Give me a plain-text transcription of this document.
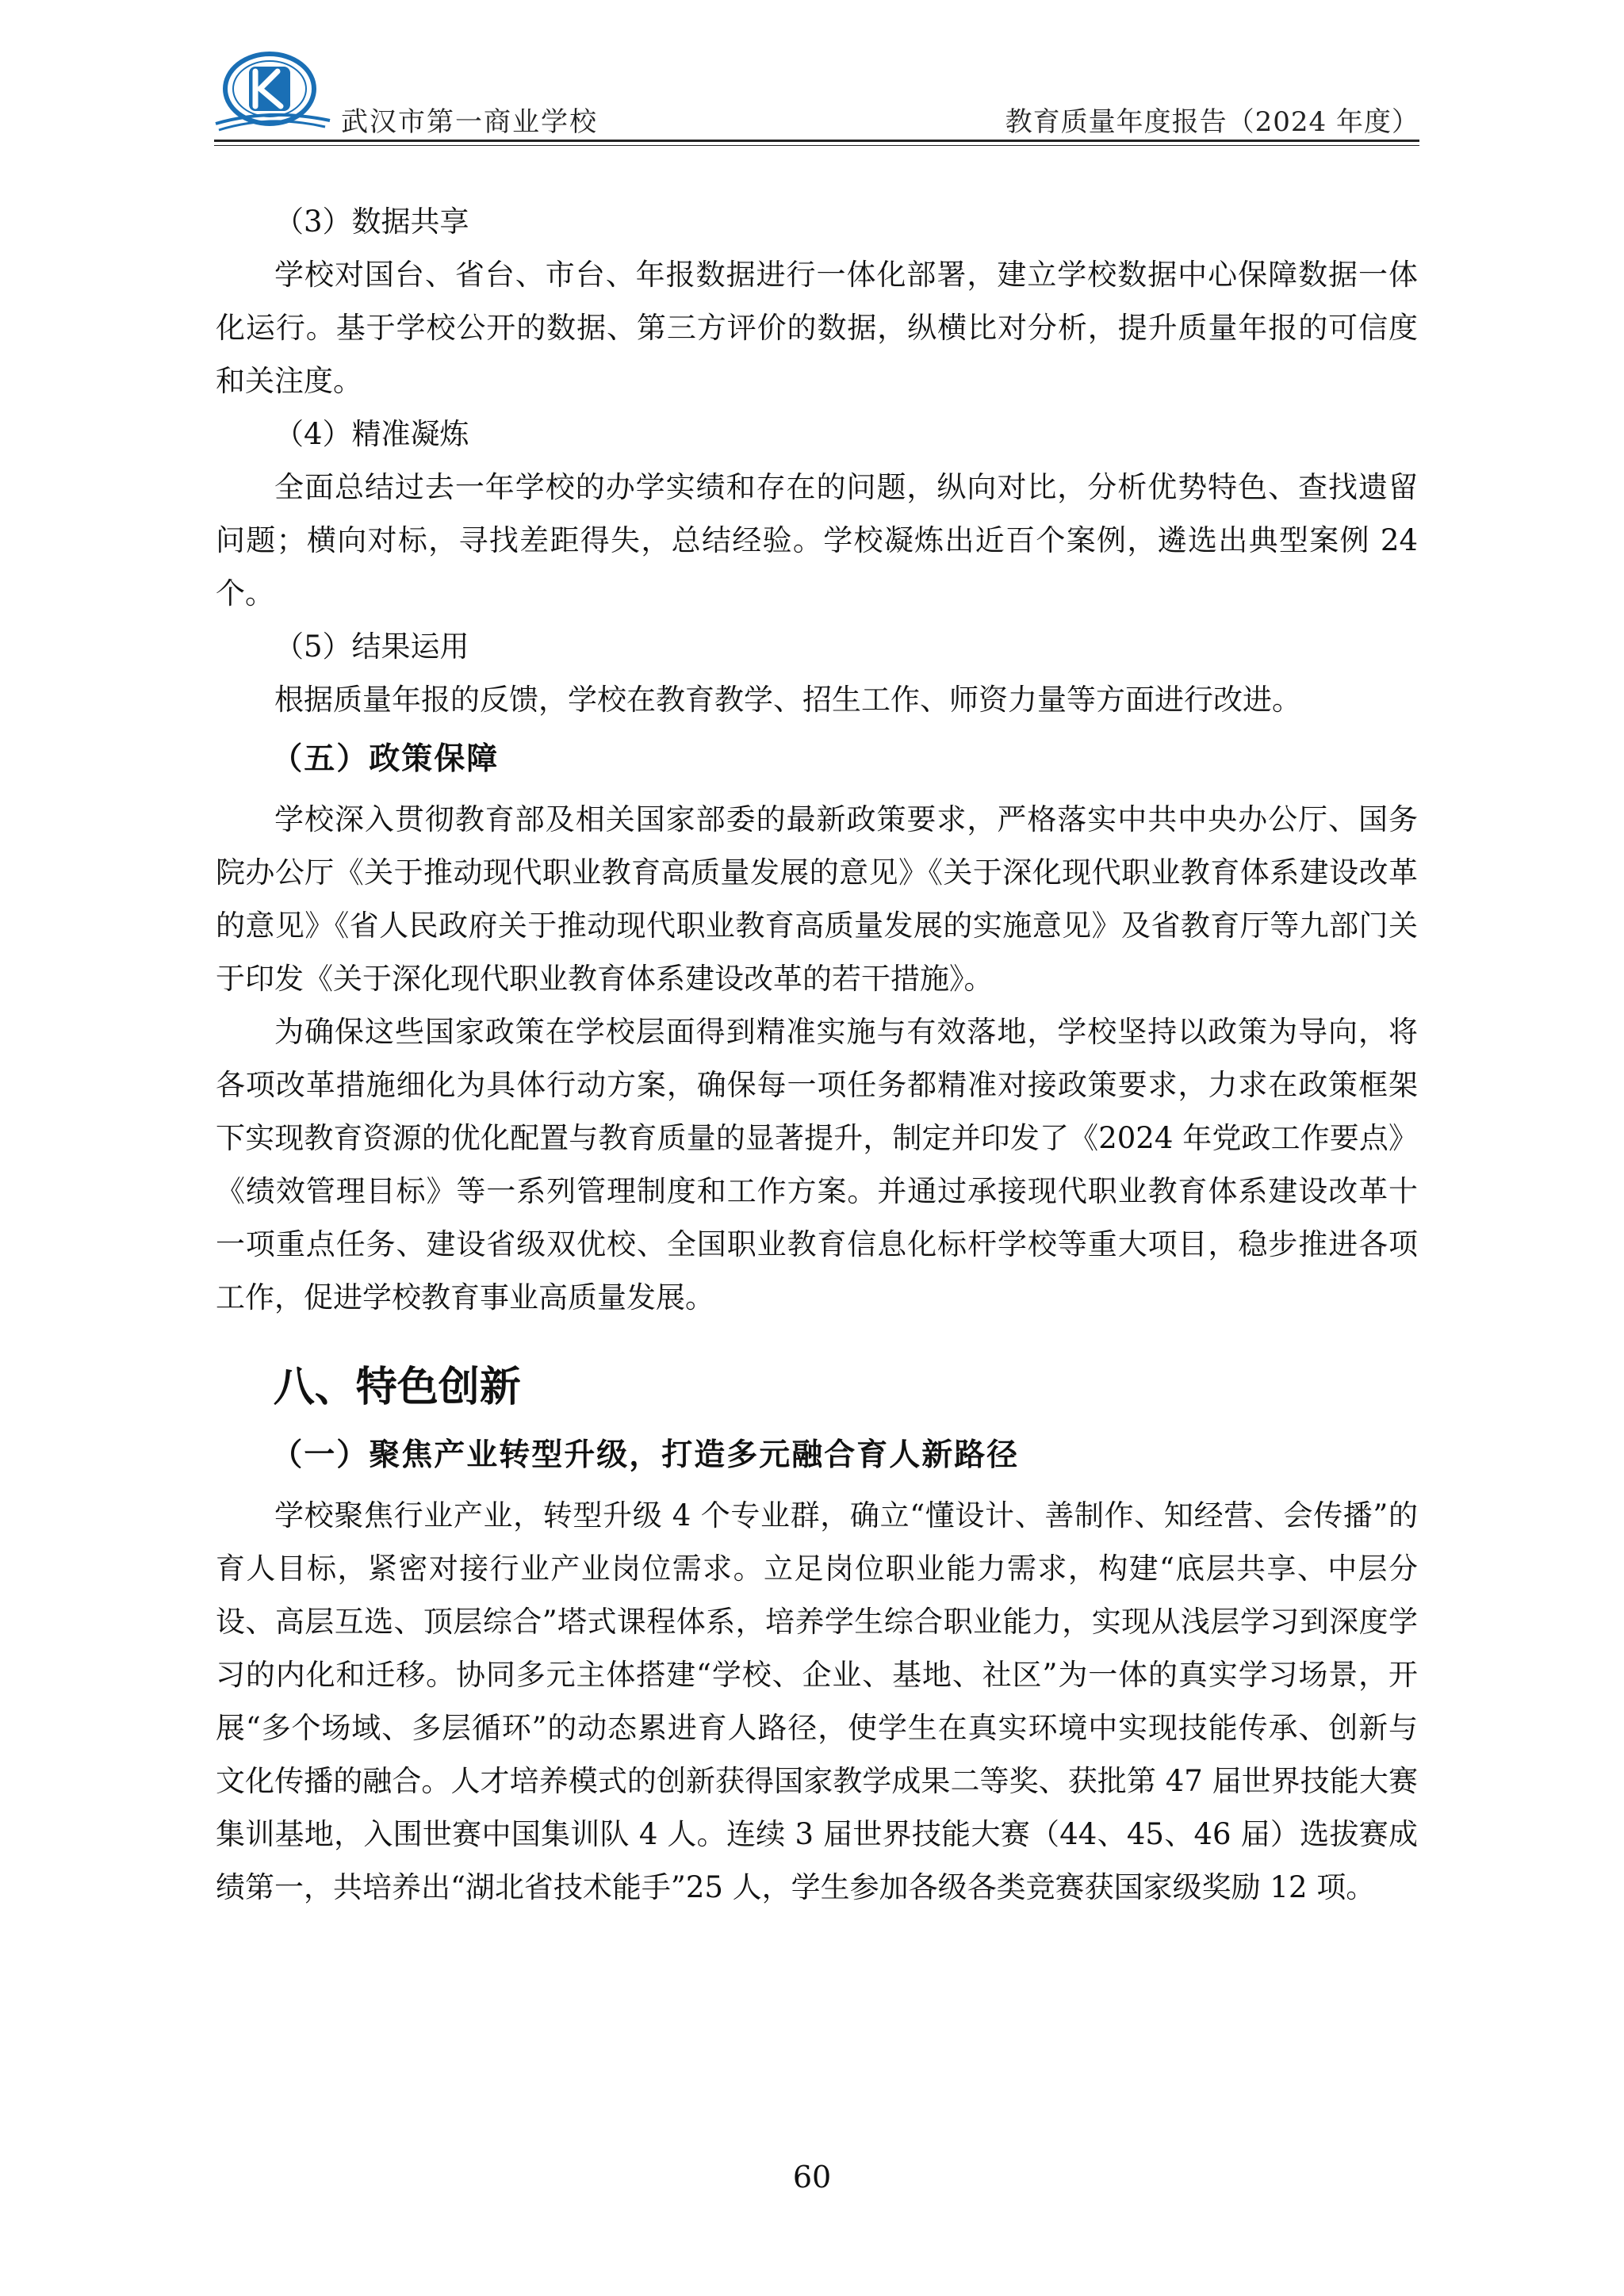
武汉市第一商业学校	教育质量年度报告（2024 年度）

（3）数据共享

学校对国台、省台、市台、年报数据进行一体化部署，建立学校数据中心保障数据一体化运行。基于学校公开的数据、第三方评价的数据，纵横比对分析，提升质量年报的可信度和关注度。

（4）精准凝炼

全面总结过去一年学校的办学实绩和存在的问题，纵向对比，分析优势特色、查找遗留问题；横向对标，寻找差距得失，总结经验。学校凝炼出近百个案例，遴选出典型案例 24 个。

（5）结果运用

根据质量年报的反馈，学校在教育教学、招生工作、师资力量等方面进行改进。

（五）政策保障

学校深入贯彻教育部及相关国家部委的最新政策要求，严格落实中共中央办公厅、国务院办公厅《关于推动现代职业教育高质量发展的意见》《关于深化现代职业教育体系建设改革的意见》《省人民政府关于推动现代职业教育高质量发展的实施意见》及省教育厅等九部门关于印发《关于深化现代职业教育体系建设改革的若干措施》。

为确保这些国家政策在学校层面得到精准实施与有效落地，学校坚持以政策为导向，将各项改革措施细化为具体行动方案，确保每一项任务都精准对接政策要求，力求在政策框架下实现教育资源的优化配置与教育质量的显著提升，制定并印发了《2024 年党政工作要点》《绩效管理目标》等一系列管理制度和工作方案。并通过承接现代职业教育体系建设改革十一项重点任务、建设省级双优校、全国职业教育信息化标杆学校等重大项目，稳步推进各项工作，促进学校教育事业高质量发展。

八、特色创新

（一）聚焦产业转型升级，打造多元融合育人新路径

学校聚焦行业产业，转型升级 4 个专业群，确立“懂设计、善制作、知经营、会传播”的育人目标，紧密对接行业产业岗位需求。立足岗位职业能力需求，构建“底层共享、中层分设、高层互选、顶层综合”塔式课程体系，培养学生综合职业能力，实现从浅层学习到深度学习的内化和迁移。协同多元主体搭建“学校、企业、基地、社区”为一体的真实学习场景，开展“多个场域、多层循环”的动态累进育人路径，使学生在真实环境中实现技能传承、创新与文化传播的融合。人才培养模式的创新获得国家教学成果二等奖、获批第 47 届世界技能大赛集训基地，入围世赛中国集训队 4 人。连续 3 届世界技能大赛（44、45、46 届）选拔赛成绩第一，共培养出“湖北省技术能手”25 人，学生参加各级各类竞赛获国家级奖励 12 项。

60
